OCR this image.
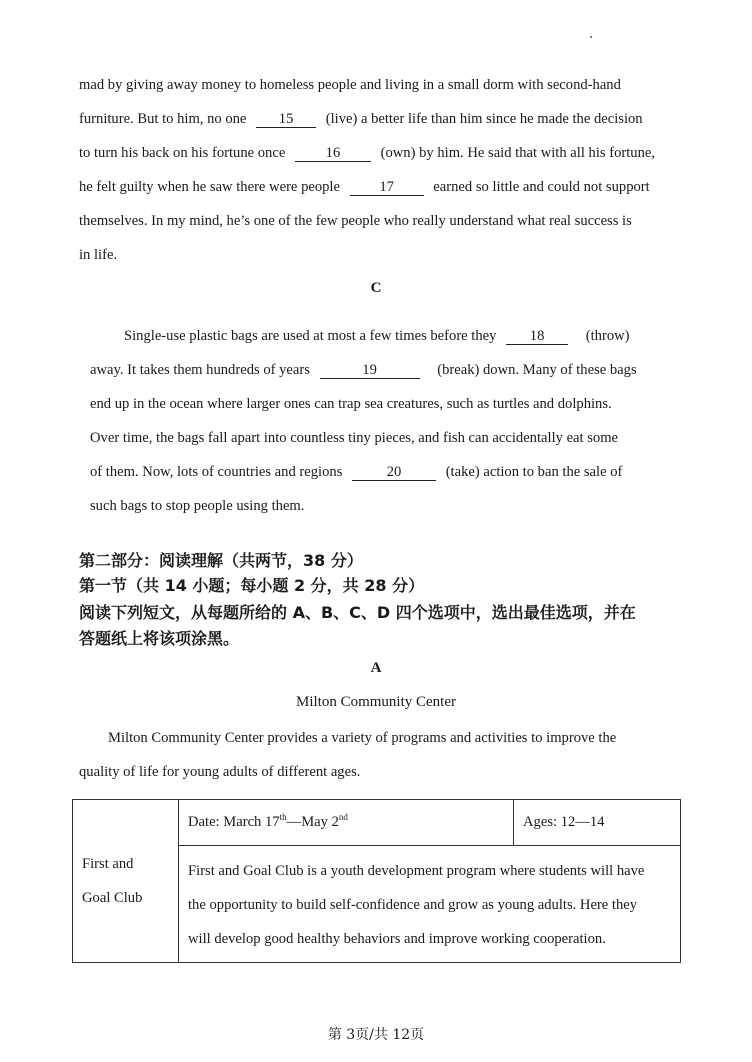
mad by giving away money to homeless people and living in a small dorm with second-hand
furniture. But to him, no one 15 (live) a better life than him since he made the decision
to turn his back on his fortune once	16	(own) by him. He said that with all his fortune,
he felt guilty when he saw there were people	17	earned so little and could not support
themselves. In my mind, he’s one of the few people who really understand what real success is
in life.
C
Single-use plastic bags are used at most a few times before they 18	(throw)
away. It takes them hundreds of years	19	(break) down. Many of these bags
end up in the ocean where larger ones can trap sea creatures, such as turtles and dolphins.
Over time, the bags fall apart into countless tiny pieces, and fish can accidentally eat some
of them. Now, lots of countries and regions	20	(take) action to ban the sale of
such bags to stop people using them.
第二部分：阅读理解（共两节，38 分）
第一节（共 14 小题；每小题 2 分，共 28 分）
阅读下列短文，从每题所给的 A、B、C、D 四个选项中，选出最佳选项，并在
答题纸上将该项涂黑。
A
Milton Community Center
Milton Community Center provides a variety of programs and activities to improve the
quality of life for young adults of different ages.
First and
Goal Club
	Date: March 17th—May 2nd	Ages: 12—14

First and Goal Club is a youth development program where students will have
the opportunity to build self-confidence and grow as young adults. Here they
will develop good healthy behaviors and improve working cooperation.
第 3页/共 12页
